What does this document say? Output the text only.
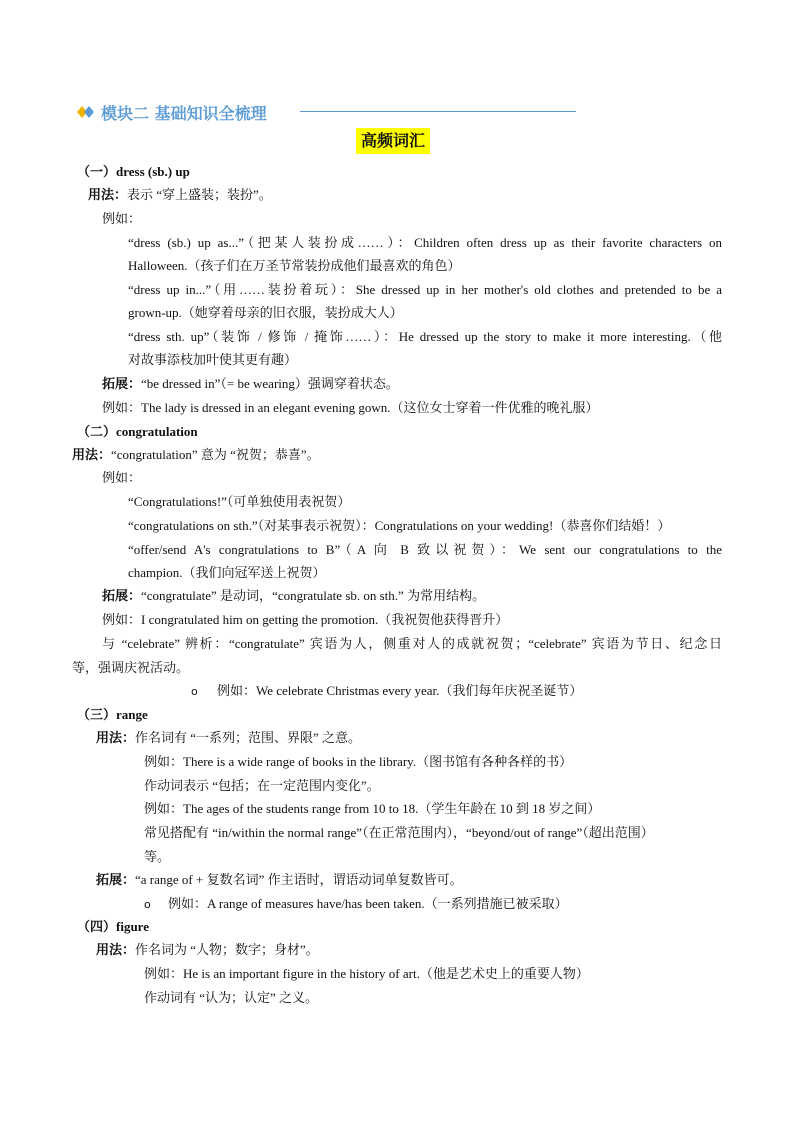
模块二 基础知识全梳理
高频词汇
（一）dress (sb.) up
用法：表示 “穿上盛装；装扮”。
例如：
“dress (sb.) up as...”（把某人装扮成……）：Children often dress up as their favorite characters on
Halloween.（孩子们在万圣节常装扮成他们最喜欢的角色）
“dress up in...”（用……装扮着玩）：She dressed up in her mother's old clothes and pretended to be a
grown-up.（她穿着母亲的旧衣服，装扮成大人）
“dress sth. up”（装饰 / 修饰 / 掩饰……）：He dressed up the story to make it more interesting.（他
对故事添枝加叶使其更有趣）
拓展：“be dressed in”（= be wearing）强调穿着状态。
例如：The lady is dressed in an elegant evening gown.（这位女士穿着一件优雅的晚礼服）
（二）congratulation
用法：“congratulation” 意为 “祝贺；恭喜”。
例如：
“Congratulations!”（可单独使用表祝贺）
“congratulations on sth.”（对某事表示祝贺）：Congratulations on your wedding!（恭喜你们结婚！）
“offer/send A's congratulations to B”（A 向 B 致以祝贺）：We sent our congratulations to the
champion.（我们向冠军送上祝贺）
拓展：“congratulate” 是动词，“congratulate sb. on sth.” 为常用结构。
例如：I congratulated him on getting the promotion.（我祝贺他获得晋升）
与 “celebrate” 辨析：“congratulate” 宾语为人，侧重对人的成就祝贺；“celebrate” 宾语为节日、纪念日
等，强调庆祝活动。
o 例如：We celebrate Christmas every year.（我们每年庆祝圣诞节）
（三）range
用法：作名词有 “一系列；范围、界限” 之意。
例如：There is a wide range of books in the library.（图书馆有各种各样的书）
作动词表示 “包括；在一定范围内变化”。
例如：The ages of the students range from 10 to 18.（学生年龄在 10 到 18 岁之间）
常见搭配有 “in/within the normal range”（在正常范围内），“beyond/out of range”（超出范围）
等。
拓展：“a range of + 复数名词” 作主语时，谓语动词单复数皆可。
o 例如：A range of measures have/has been taken.（一系列措施已被采取）
（四）figure
用法：作名词为 “人物；数字；身材”。
例如：He is an important figure in the history of art.（他是艺术史上的重要人物）
作动词有 “认为；认定” 之义。
